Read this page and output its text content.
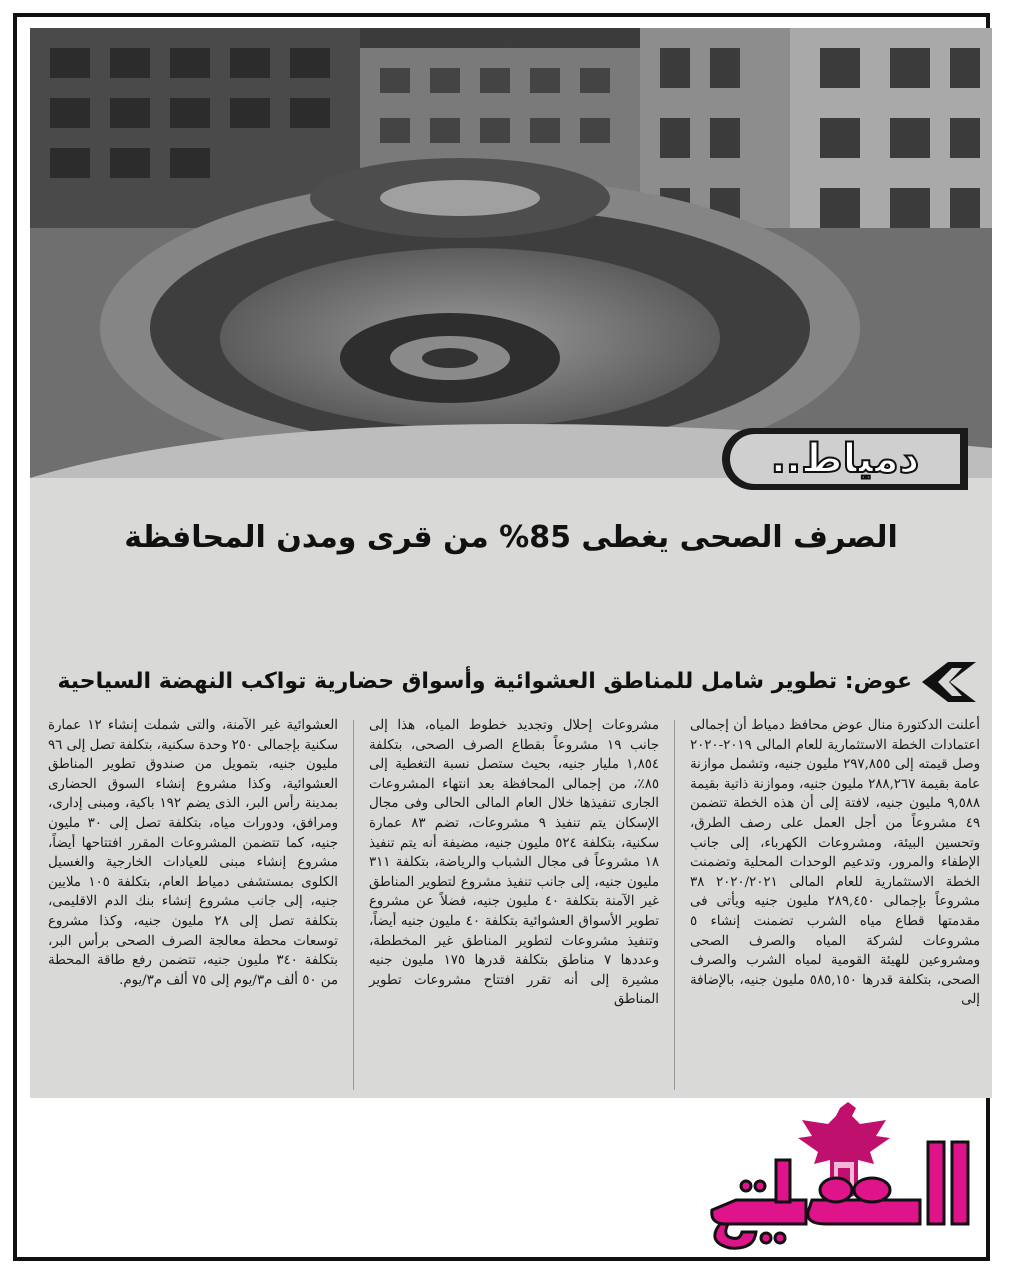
دمياط..
الصرف الصحى يغطى 85% من قرى ومدن المحافظة
عوض: تطوير شامل للمناطق العشوائية وأسواق حضارية تواكب النهضة السياحية
أعلنت الدكتورة منال عوض محافظ دمياط أن إجمالى اعتمادات الخطة الاستثمارية للعام المالى ٢٠١٩-٢٠٢٠ وصل قيمته إلى ٢٩٧,٨٥٥ مليون جنيه، وتشمل موازنة عامة بقيمة ٢٨٨,٢٦٧ مليون جنيه، وموازنة ذاتية بقيمة ٩,٥٨٨ مليون جنيه، لافتة إلى أن هذه الخطة تتضمن ٤٩ مشروعاً من أجل العمل على رصف الطرق، وتحسين البيئة، ومشروعات الكهرباء، إلى جانب الإطفاء والمرور، وتدعيم الوحدات المحلية وتضمنت الخطة الاستثمارية للعام المالى ٢٠٢٠/٢٠٢١ ٣٨ مشروعاً بإجمالى ٢٨٩,٤٥٠ مليون جنيه ويأتى فى مقدمتها قطاع مياه الشرب تضمنت إنشاء ٥ مشروعات لشركة المياه والصرف الصحى ومشروعين للهيئة القومية لمياه الشرب والصرف الصحى، بتكلفة قدرها ٥٨٥,١٥٠ مليون جنيه، بالإضافة إلى
مشروعات إحلال وتجديد خطوط المياه، هذا إلى جانب ١٩ مشروعاً بقطاع الصرف الصحى، بتكلفة ١,٨٥٤ مليار جنيه، بحيث ستصل نسبة التغطية إلى ٨٥٪، من إجمالى المحافظة بعد انتهاء المشروعات الجارى تنفيذها خلال العام المالى الحالى وفى مجال الإسكان يتم تنفيذ ٩ مشروعات، تضم ٨٣ عمارة سكنية، بتكلفة ٥٢٤ مليون جنيه، مضيفة أنه يتم تنفيذ ١٨ مشروعاً فى مجال الشباب والرياضة، بتكلفة ٣١١ مليون جنيه، إلى جانب تنفيذ مشروع لتطوير المناطق غير الآمنة بتكلفة ٤٠ مليون جنيه، فضلاً عن مشروع تطوير الأسواق العشوائية بتكلفة ٤٠ مليون جنيه أيضاً، وتنفيذ مشروعات لتطوير المناطق غير المخططة، وعددها ٧ مناطق بتكلفة قدرها ١٧٥ مليون جنيه مشيرة إلى أنه تقرر افتتاح مشروعات تطوير المناطق
العشوائية غير الآمنة، والتى شملت إنشاء ١٢ عمارة سكنية بإجمالى ٢٥٠ وحدة سكنية، بتكلفة تصل إلى ٩٦ مليون جنيه، بتمويل من صندوق تطوير المناطق العشوائية، وكذا مشروع إنشاء السوق الحضارى بمدينة رأس البر، الذى يضم ١٩٢ باكية، ومبنى إدارى، ومرافق، ودورات مياه، بتكلفة تصل إلى ٣٠ مليون جنيه، كما تتضمن المشروعات المقرر افتتاحها أيضاً، مشروع إنشاء مبنى للعيادات الخارجية والغسيل الكلوى بمستشفى دمياط العام، بتكلفة ١٠٥ ملايين جنيه، إلى جانب مشروع إنشاء بنك الدم الاقليمى، بتكلفة تصل إلى ٢٨ مليون جنيه، وكذا مشروع توسعات محطة معالجة الصرف الصحى برأس البر، بتكلفة ٣٤٠ مليون جنيه، تتضمن رفع طاقة المحطة من ٥٠ ألف م٣/يوم إلى ٧٥ ألف م٣/يوم.
